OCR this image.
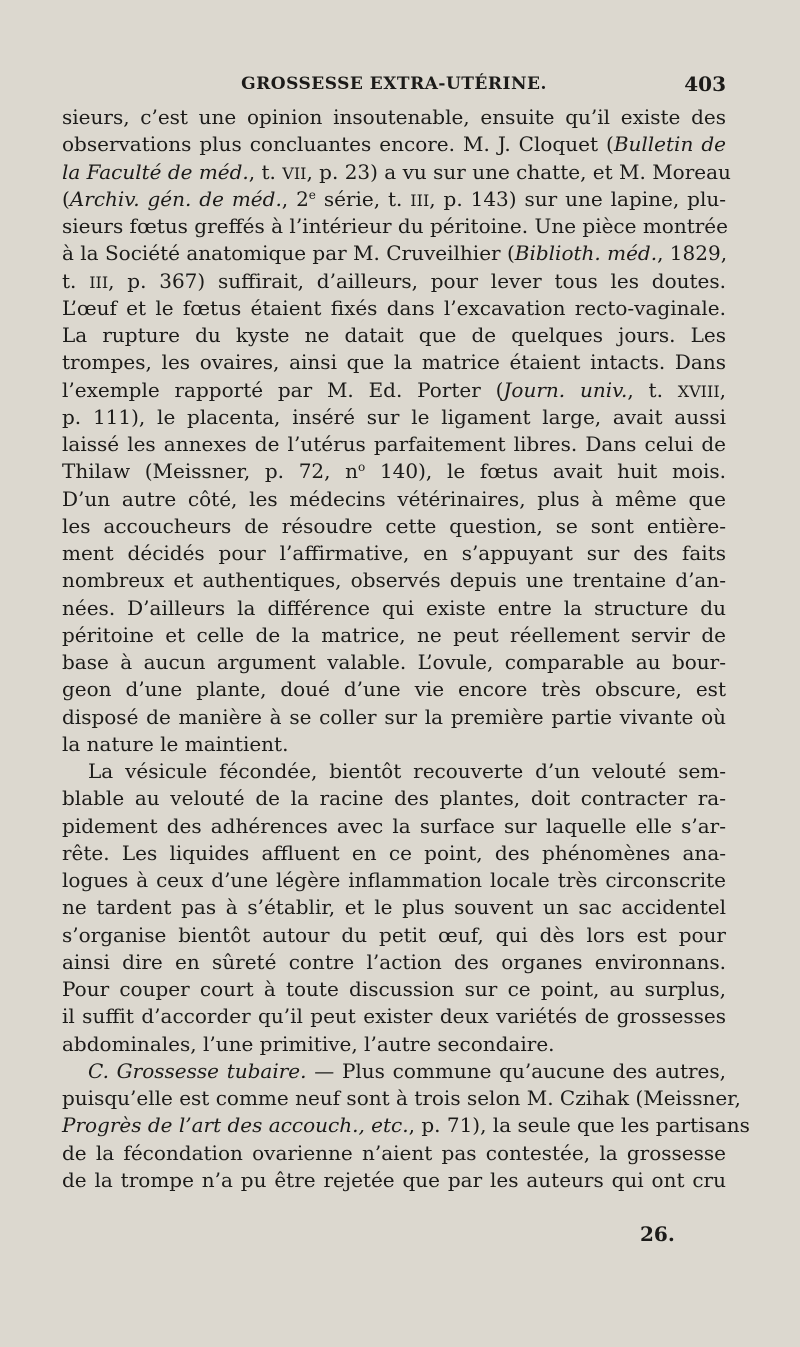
GROSSESSE EXTRA-UTÉRINE.	403
sieurs, c’est une opinion insoutenable, ensuite qu’il existe des
observations plus concluantes encore. M. J. Cloquet (Bulletin de
la Faculté de méd., t. VII, p. 23) a vu sur une chatte, et M. Moreau
(Archiv. gén. de méd., 2e série, t. III, p. 143) sur une lapine, plu-
sieurs fœtus greffés à l’intérieur du péritoine. Une pièce montrée
à la Société anatomique par M. Cruveilhier (Biblioth. méd., 1829,
t. III, p. 367) suffirait, d’ailleurs, pour lever tous les doutes.
L’œuf et le fœtus étaient fixés dans l’excavation recto-vaginale.
La rupture du kyste ne datait que de quelques jours. Les
trompes, les ovaires, ainsi que la matrice étaient intacts. Dans
l’exemple rapporté par M. Ed. Porter (Journ. univ., t. XVIII,
p. 111), le placenta, inséré sur le ligament large, avait aussi
laissé les annexes de l’utérus parfaitement libres. Dans celui de
Thilaw (Meissner, p. 72, $n^o$ 140), le fœtus avait huit mois.
D’un autre côté, les médecins vétérinaires, plus à même que
les accoucheurs de résoudre cette question, se sont entière-
ment décidés pour l’affirmative, en s’appuyant sur des faits
nombreux et authentiques, observés depuis une trentaine d’an-
nées. D’ailleurs la différence qui existe entre la structure du
péritoine et celle de la matrice, ne peut réellement servir de
base à aucun argument valable. L’ovule, comparable au bour-
geon d’une plante, doué d’une vie encore très obscure, est
disposé de manière à se coller sur la première partie vivante où
la nature le maintient.
La vésicule fécondée, bientôt recouverte d’un velouté sem-
blable au velouté de la racine des plantes, doit contracter ra-
pidement des adhérences avec la surface sur laquelle elle s’ar-
rête. Les liquides affluent en ce point, des phénomènes ana-
logues à ceux d’une légère inflammation locale très circonscrite
ne tardent pas à s’établir, et le plus souvent un sac accidentel
s’organise bientôt autour du petit œuf, qui dès lors est pour
ainsi dire en sûreté contre l’action des organes environnans.
Pour couper court à toute discussion sur ce point, au surplus,
il suffit d’accorder qu’il peut exister deux variétés de grossesses
abdominales, l’une primitive, l’autre secondaire.
C. Grossesse tubaire. — Plus commune qu’aucune des autres,
puisqu’elle est comme neuf sont à trois selon M. Czihak (Meissner,
Progrès de l’art des accouch., etc., p. 71), la seule que les partisans
de la fécondation ovarienne n’aient pas contestée, la grossesse
de la trompe n’a pu être rejetée que par les auteurs qui ont cru
26.
